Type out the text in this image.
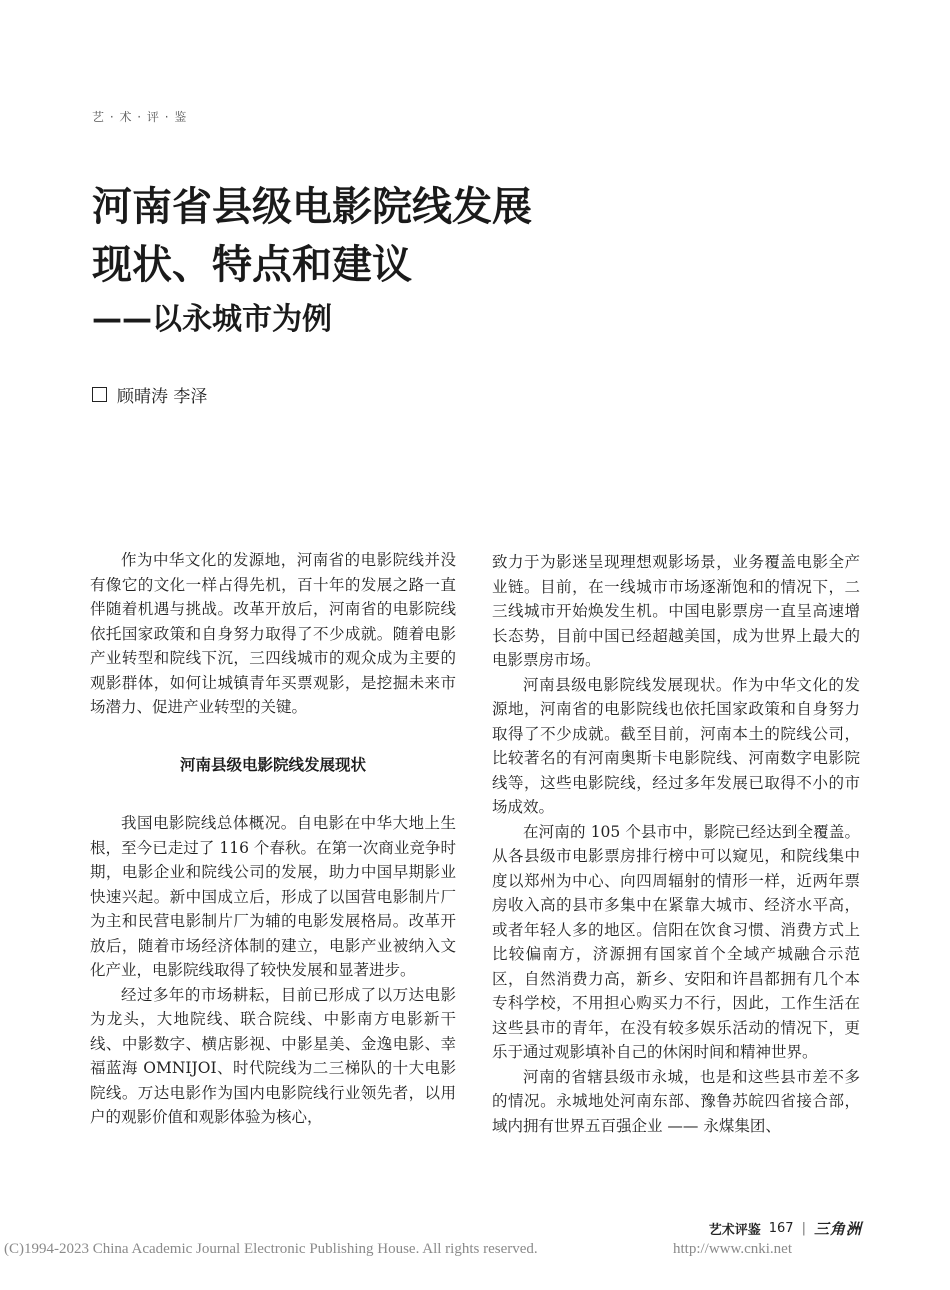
艺 · 术 · 评 · 鉴
河南省县级电影院线发展
现状、特点和建议
——以永城市为例
顾晴涛 李泽

作为中华文化的发源地，河南省的电影院线并没有像它的文化一样占得先机，百十年的发展之路一直伴随着机遇与挑战。改革开放后，河南省的电影院线依托国家政策和自身努力取得了不少成就。随着电影产业转型和院线下沉，三四线城市的观众成为主要的观影群体，如何让城镇青年买票观影，是挖掘未来市场潜力、促进产业转型的关键。

河南县级电影院线发展现状

我国电影院线总体概况。自电影在中华大地上生根，至今已走过了 116 个春秋。在第一次商业竞争时期，电影企业和院线公司的发展，助力中国早期影业快速兴起。新中国成立后，形成了以国营电影制片厂为主和民营电影制片厂为辅的电影发展格局。改革开放后，随着市场经济体制的建立，电影产业被纳入文化产业，电影院线取得了较快发展和显著进步。

经过多年的市场耕耘，目前已形成了以万达电影为龙头，大地院线、联合院线、中影南方电影新干线、中影数字、横店影视、中影星美、金逸电影、幸福蓝海 OMNIJOI、时代院线为二三梯队的十大电影院线。万达电影作为国内电影院线行业领先者，以用户的观影价值和观影体验为核心，

致力于为影迷呈现理想观影场景，业务覆盖电影全产业链。目前，在一线城市市场逐渐饱和的情况下，二三线城市开始焕发生机。中国电影票房一直呈高速增长态势，目前中国已经超越美国，成为世界上最大的电影票房市场。

河南县级电影院线发展现状。作为中华文化的发源地，河南省的电影院线也依托国家政策和自身努力取得了不少成就。截至目前，河南本土的院线公司，比较著名的有河南奥斯卡电影院线、河南数字电影院线等，这些电影院线，经过多年发展已取得不小的市场成效。

在河南的 105 个县市中，影院已经达到全覆盖。从各县级市电影票房排行榜中可以窥见，和院线集中度以郑州为中心、向四周辐射的情形一样，近两年票房收入高的县市多集中在紧靠大城市、经济水平高，或者年轻人多的地区。信阳在饮食习惯、消费方式上比较偏南方，济源拥有国家首个全域产城融合示范区，自然消费力高，新乡、安阳和许昌都拥有几个本专科学校，不用担心购买力不行，因此，工作生活在这些县市的青年，在没有较多娱乐活动的情况下，更乐于通过观影填补自己的休闲时间和精神世界。

河南的省辖县级市永城，也是和这些县市差不多的情况。永城地处河南东部、豫鲁苏皖四省接合部，域内拥有世界五百强企业 —— 永煤集团、

艺术评鉴 167 | 三角洲
(C)1994-2023 China Academic Journal Electronic Publishing House. All rights reserved.	http://www.cnki.net
